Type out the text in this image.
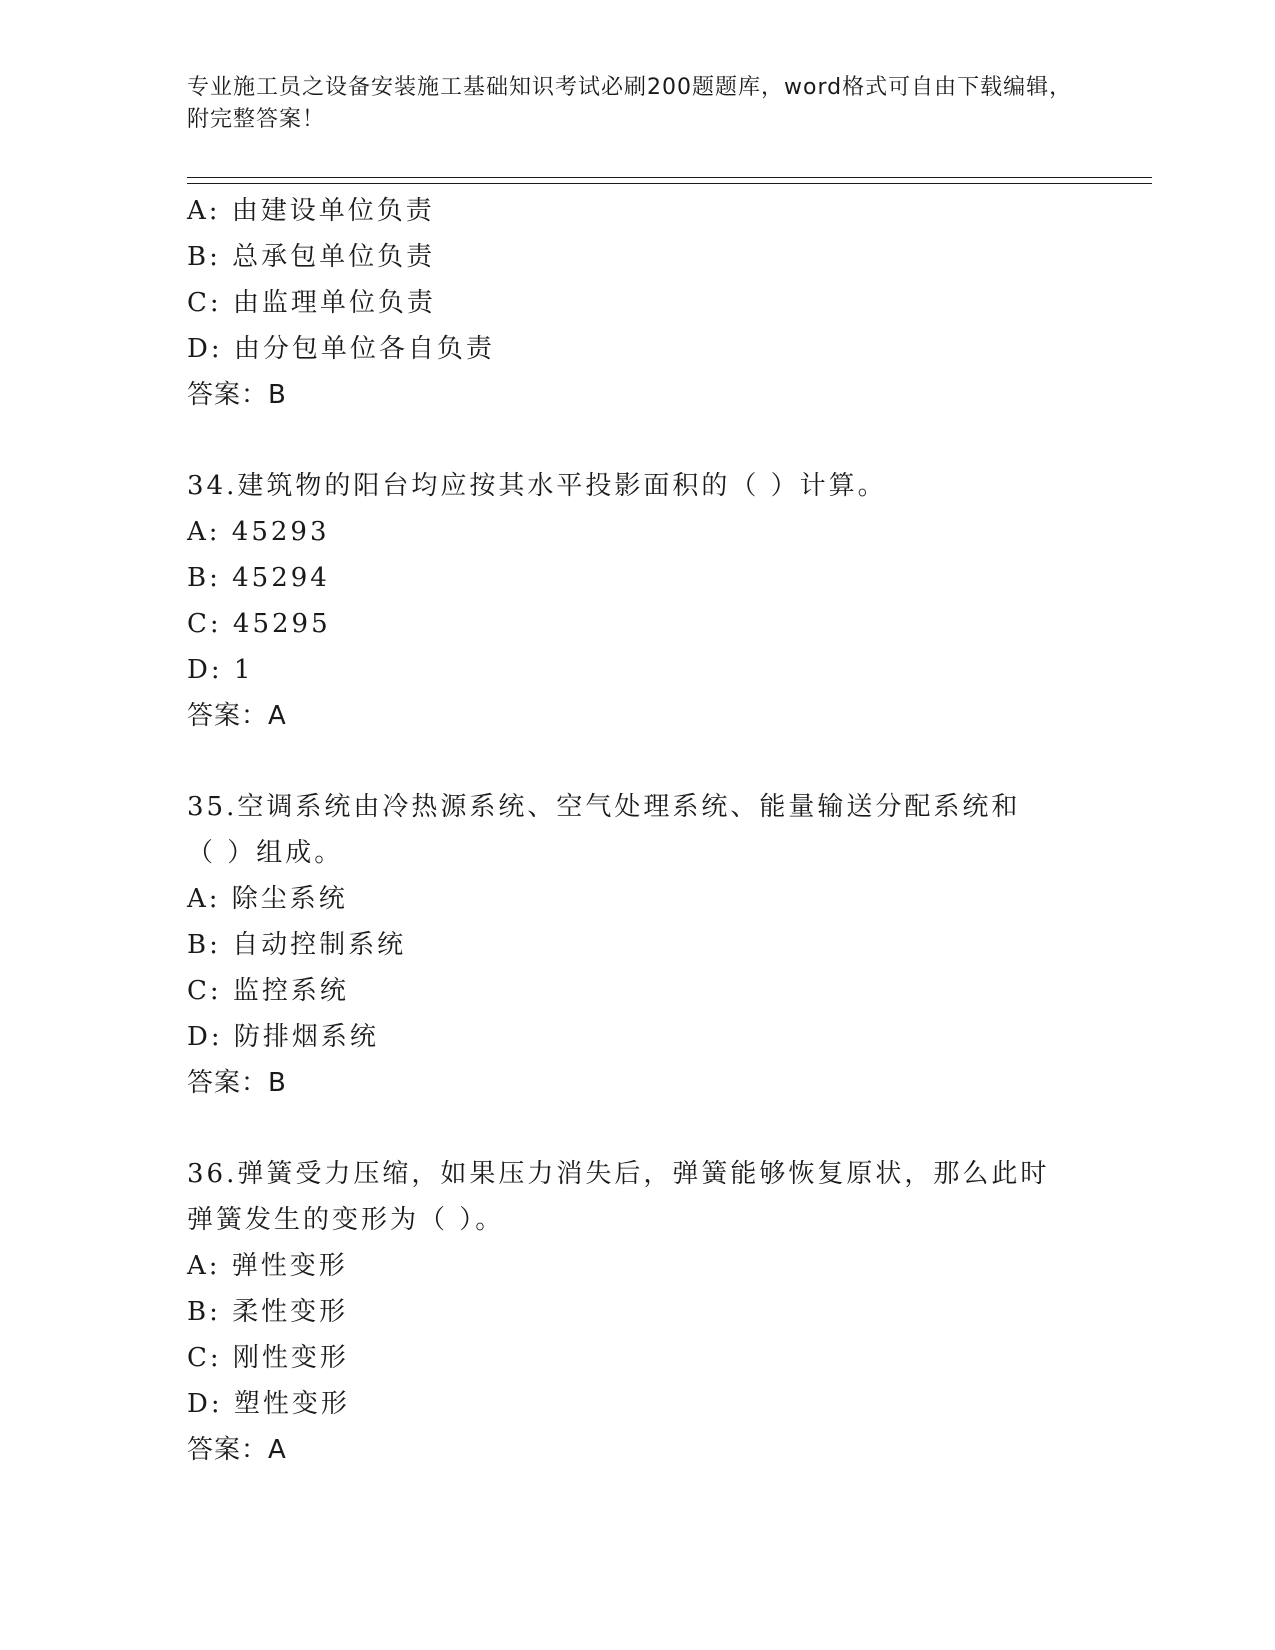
专业施工员之设备安装施工基础知识考试必刷200题题库，word格式可自由下载编辑，附完整答案！
A: 由建设单位负责
B: 总承包单位负责
C: 由监理单位负责
D: 由分包单位各自负责
答案：B
34.建筑物的阳台均应按其水平投影面积的（ ）计算。
A: 45293
B: 45294
C: 45295
D: 1
答案：A
35.空调系统由冷热源系统、空气处理系统、能量输送分配系统和（ ）组成。
A: 除尘系统
B: 自动控制系统
C: 监控系统
D: 防排烟系统
答案：B
36.弹簧受力压缩，如果压力消失后，弹簧能够恢复原状，那么此时弹簧发生的变形为（ ）。
A: 弹性变形
B: 柔性变形
C: 刚性变形
D: 塑性变形
答案：A
